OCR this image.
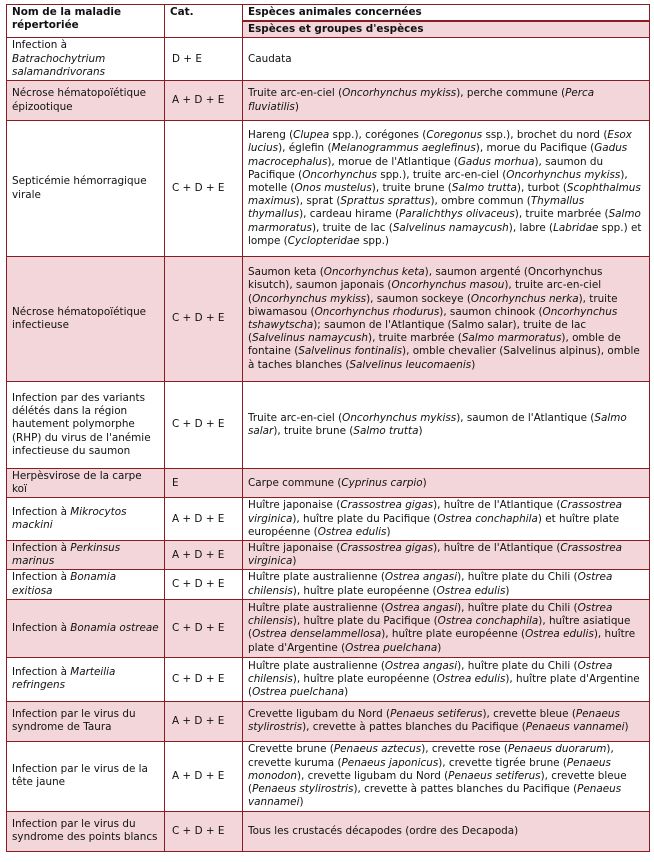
Nom de la maladie répertoriée	Cat.	Espèces animales concernées
Espèces et groupes d'espèces

Infection à Batrachochytrium salamandrivorans	D + E	Caudata
Nécrose hématopoïétique épizootique	A + D + E	Truite arc-en-ciel (Oncorhynchus mykiss), perche commune (Perca fluviatilis)
Septicémie hémorragique virale	C + D + E	Hareng (Clupea spp.), corégones (Coregonus ssp.), brochet du nord (Esox lucius), églefin (Melanogrammus aeglefinus), morue du Pacifique (Gadus macrocephalus), morue de l'Atlantique (Gadus morhua), saumon du Pacifique (Oncorhynchus spp.), truite arc-en-ciel (Oncorhynchus mykiss), motelle (Onos mustelus), truite brune (Salmo trutta), turbot (Scophthalmus maximus), sprat (Sprattus sprattus), ombre commun (Thymallus thymallus), cardeau hirame (Paralichthys olivaceus), truite marbrée (Salmo marmoratus), truite de lac (Salvelinus namaycush), labre (Labridae spp.) et lompe (Cyclopteridae spp.)
Nécrose hématopoïétique infectieuse	C + D + E	Saumon keta (Oncorhynchus keta), saumon argenté (Oncorhynchus kisutch), saumon japonais (Oncorhynchus masou), truite arc-en-ciel (Oncorhynchus mykiss), saumon sockeye (Oncorhynchus nerka), truite biwamasou (Oncorhynchus rhodurus), saumon chinook (Oncorhynchus tshawytscha); saumon de l'Atlantique (Salmo salar), truite de lac (Salvelinus namaycush), truite marbrée (Salmo marmoratus), omble de fontaine (Salvelinus fontinalis), omble chevalier (Salvelinus alpinus), omble à taches blanches (Salvelinus leucomaenis)
Infection par des variants délétés dans la région hautement polymorphe (RHP) du virus de l'anémie infectieuse du saumon	C + D + E	Truite arc-en-ciel (Oncorhynchus mykiss), saumon de l'Atlantique (Salmo salar), truite brune (Salmo trutta)
Herpèsvirose de la carpe koï	E	Carpe commune (Cyprinus carpio)
Infection à Mikrocytos mackini	A + D + E	Huître japonaise (Crassostrea gigas), huître de l'Atlantique (Crassostrea virginica), huître plate du Pacifique (Ostrea conchaphila) et huître plate européenne (Ostrea edulis)
Infection à Perkinsus marinus	A + D + E	Huître japonaise (Crassostrea gigas), huître de l'Atlantique (Crassostrea virginica)
Infection à Bonamia exitiosa	C + D + E	Huître plate australienne (Ostrea angasi), huître plate du Chili (Ostrea chilensis), huître plate européenne (Ostrea edulis)
Infection à Bonamia ostreae	C + D + E	Huître plate australienne (Ostrea angasi), huître plate du Chili (Ostrea chilensis), huître plate du Pacifique (Ostrea conchaphila), huître asiatique (Ostrea denselammellosa), huître plate européenne (Ostrea edulis), huître plate d'Argentine (Ostrea puelchana)
Infection à Marteilia refringens	C + D + E	Huître plate australienne (Ostrea angasi), huître plate du Chili (Ostrea chilensis), huître plate européenne (Ostrea edulis), huître plate d'Argentine (Ostrea puelchana)
Infection par le virus du syndrome de Taura	A + D + E	Crevette ligubam du Nord (Penaeus setiferus), crevette bleue (Penaeus stylirostris), crevette à pattes blanches du Pacifique (Penaeus vannamei)
Infection par le virus de la tête jaune	A + D + E	Crevette brune (Penaeus aztecus), crevette rose (Penaeus duorarum), crevette kuruma (Penaeus japonicus), crevette tigrée brune (Penaeus monodon), crevette ligubam du Nord (Penaeus setiferus), crevette bleue (Penaeus stylirostris), crevette à pattes blanches du Pacifique (Penaeus vannamei)
Infection par le virus du syndrome des points blancs	C + D + E	Tous les crustacés décapodes (ordre des Decapoda)
